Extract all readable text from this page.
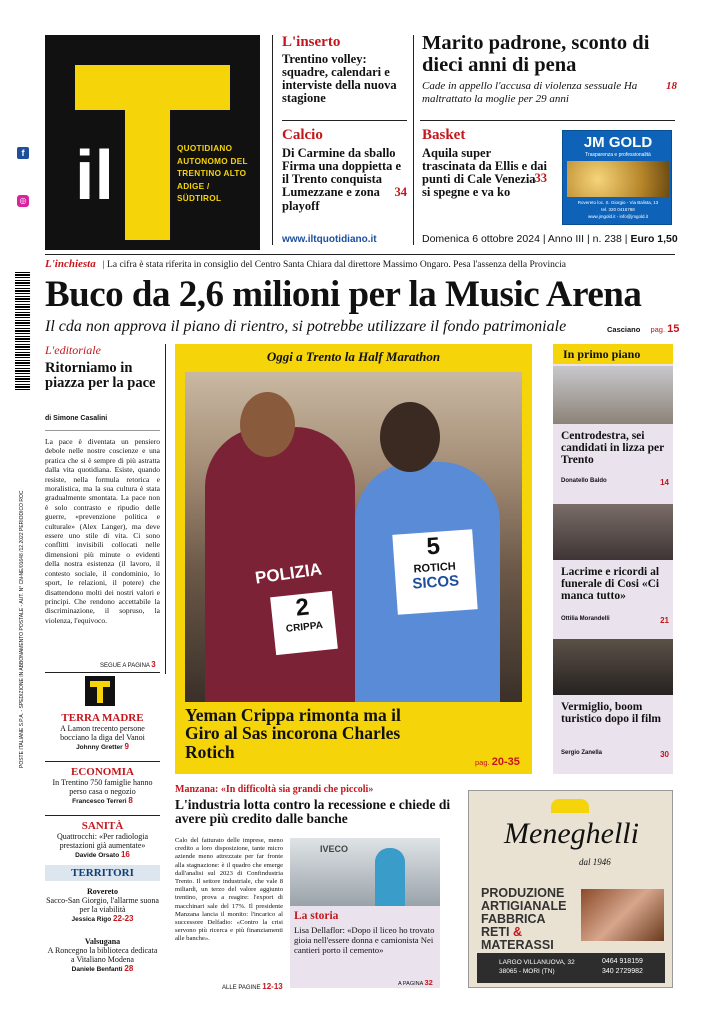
f
◎
POSTE ITALIANE S.P.A. - SPEDIZIONE IN ABBONAMENTO POSTALE - AUT. N° CN-NE/01648 /12.2022 PERIODICO ROC
il	QUOTIDIANO AUTONOMO DEL TRENTINO ALTO ADIGE / SÜDTIROL
L'inserto
Trentino volley: squadre, calendari e interviste della nuova stagione
Calcio
Di Carmine da sballo Firma una doppietta e il Trento conquista Lumezzane e zona playoff
34
Marito padrone, sconto di dieci anni di pena
Cade in appello l'accusa di violenza sessuale Ha maltrattato la moglie per 29 anni
18
Basket
Aquila super trascinata da Ellis e dai punti di Cale Venezia si spegne e va ko
33
JM GOLD
Trasparenza e professionalità
Rovereto loc. S. Giorgio - Via Balista, 13
tel. 320 0415788
www.jmgold.it - info@jmgold.it
www.iltquotidiano.it	Domenica 6 ottobre 2024 | Anno III | n. 238 | Euro 1,50
L'inchiesta | La cifra è stata riferita in consiglio del Centro Santa Chiara dal direttore Massimo Ongaro. Pesa l'assenza della Provincia
Buco da 2,6 milioni per la Music Arena
Il cda non approva il piano di rientro, si potrebbe utilizzare il fondo patrimoniale	Casciano pag. 15
L'editoriale
Ritorniamo in piazza per la pace
di Simone Casalini

La pace è diventata un pensiero debole nelle nostre coscienze e una pratica che si è sempre di più astratta dalla vita quotidiana. Esiste, quando resiste, nella formula retorica e moralistica, ma la sua cultura è stata gradualmente smontata. La pace non è solo contrasto e ripudio delle guerre, «prevenzione politica e culturale» (Alex Langer), ma deve essere uno stile di vita. Ci sono conflitti invisibili collocati nelle dimensioni più minute o evidenti della nostra esistenza (il lavoro, il contesto sociale, il condominio, lo sport, le relazioni, il potere) che disattendono molti dei nostri valori e principi. Che rendono accettabile la discriminazione, il sopruso, la violenza, l'equivoco.

SEGUE A PAGINA 3
TERRA MADRE
A Lamon trecento persone bocciano la diga del Vanoi
Johnny Gretter 9
ECONOMIA
In Trentino 750 famiglie hanno perso casa o negozio
Francesco Terreri 8
SANITÀ
Quattrocchi: «Per radiologia prestazioni già aumentate»
Davide Orsato 16
TERRITORI
Rovereto
Sacco-San Giorgio, l'allarme suona per la viabilità
Jessica Rigo 22-23
Valsugana
A Roncegno la biblioteca dedicata a Vitaliano Modena
Daniele Benfanti 28
Oggi a Trento la Half Marathon
POLIZIA
2
CRIPPA
5
ROTICH
SICOS
Yeman Crippa rimonta ma il Giro al Sas incorona Charles Rotich
pag. 20-35
In primo piano
Centrodestra, sei candidati in lizza per Trento
Donatello Baldo	14
Lacrime e ricordi al funerale di Cosi «Ci manca tutto»
Ottilia Morandelli	21
Vermiglio, boom turistico dopo il film
Sergio Zanella	30
Manzana: «In difficoltà sia grandi che piccoli»
L'industria lotta contro la recessione e chiede di avere più credito dalle banche

Calo del fatturato delle imprese, meno credito a loro disposizione, tante micro aziende meno attrezzate per far fronte alla stagnazione: è il quadro che emerge dall'analisi sul 2023 di Confindustria Trento. Il settore industriale, che vale 8 miliardi, un terzo del valore aggiunto trentino, prova a reagire: l'export di macchinari sale del 17%. Il presidente Manzana lancia il monito: l'incarico al successore Delfadio: «Contro la crisi servono più ricerca e più finanziamenti alle banche».

ALLE PAGINE 12-13
IVECO
La storia
Lisa Dellaflor: «Dopo il liceo ho trovato gioia nell'essere donna e camionista Nei cantieri porto il cemento»
A PAGINA 32
Meneghelli
dal 1946
PRODUZIONE
ARTIGIANALE
FABBRICA
RETI & MATERASSI
LARGO VILLANUOVA, 32 38065 - MORI (TN)
0464 918159
340 2729982
